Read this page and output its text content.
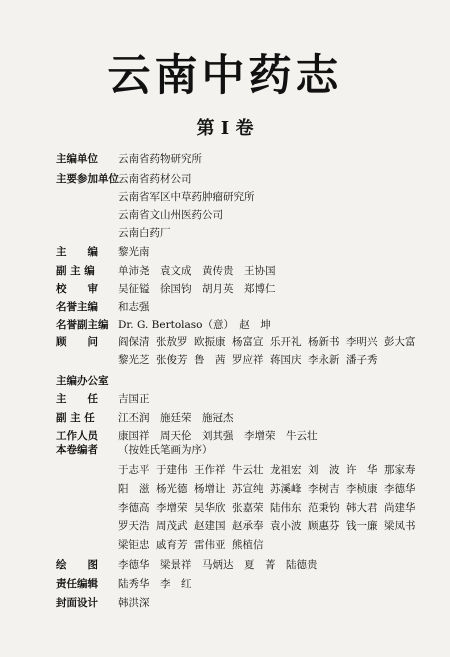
云南中药志
第 I 卷
主编单位	云南省药物研究所
主要参加单位 云南省药材公司
云南省军区中草药肿瘤研究所
云南省文山州医药公司
云南白药厂
主　　编	黎光南
副 主 编	单沛尧　袁文成　黄传贵　王协国
校　　审	吴征镒　徐国钧　胡月英　郑博仁
名誉主编	和志强
名誉副主编 Dr. G. Bertolaso（意）　赵　坤
顾　　问	阎保清 张敖罗 欧振康 杨富宣 乐开礼 杨新书 李明兴 彭大富
黎光芝 张俊芳 鲁　茜 罗应祥 蒋国庆 李永新 潘子秀
主编办公室
主　　任	吉国正
副 主 任	江丕润　施廷荣　施冠杰
工作人员	康国祥　周天伦　刘其强　李增荣　牛云壮
本卷编者	（按姓氏笔画为序）
于志平 于建伟 王作祥 牛云壮 龙祖宏 刘　波 许　华 那家寿
阳　滋 杨光德 杨增让 苏宣纯 苏溪峰 李树吉 李桢康 李德华
李德高 李增荣 吴华欣 张嘉荣 陆伟东 范秉钧 韩大君 尚建华
罗天浩 周茂武 赵建国 赵承奉 袁小波 顾惠芬 钱一廉 梁凤书
梁钜忠 戚育芳 雷伟亚 熊植信
绘　　图	李德华　梁景祥　马炳达　夏　菁　陆德贵
责任编辑	陆秀华　李　红
封面设计	韩洪深
